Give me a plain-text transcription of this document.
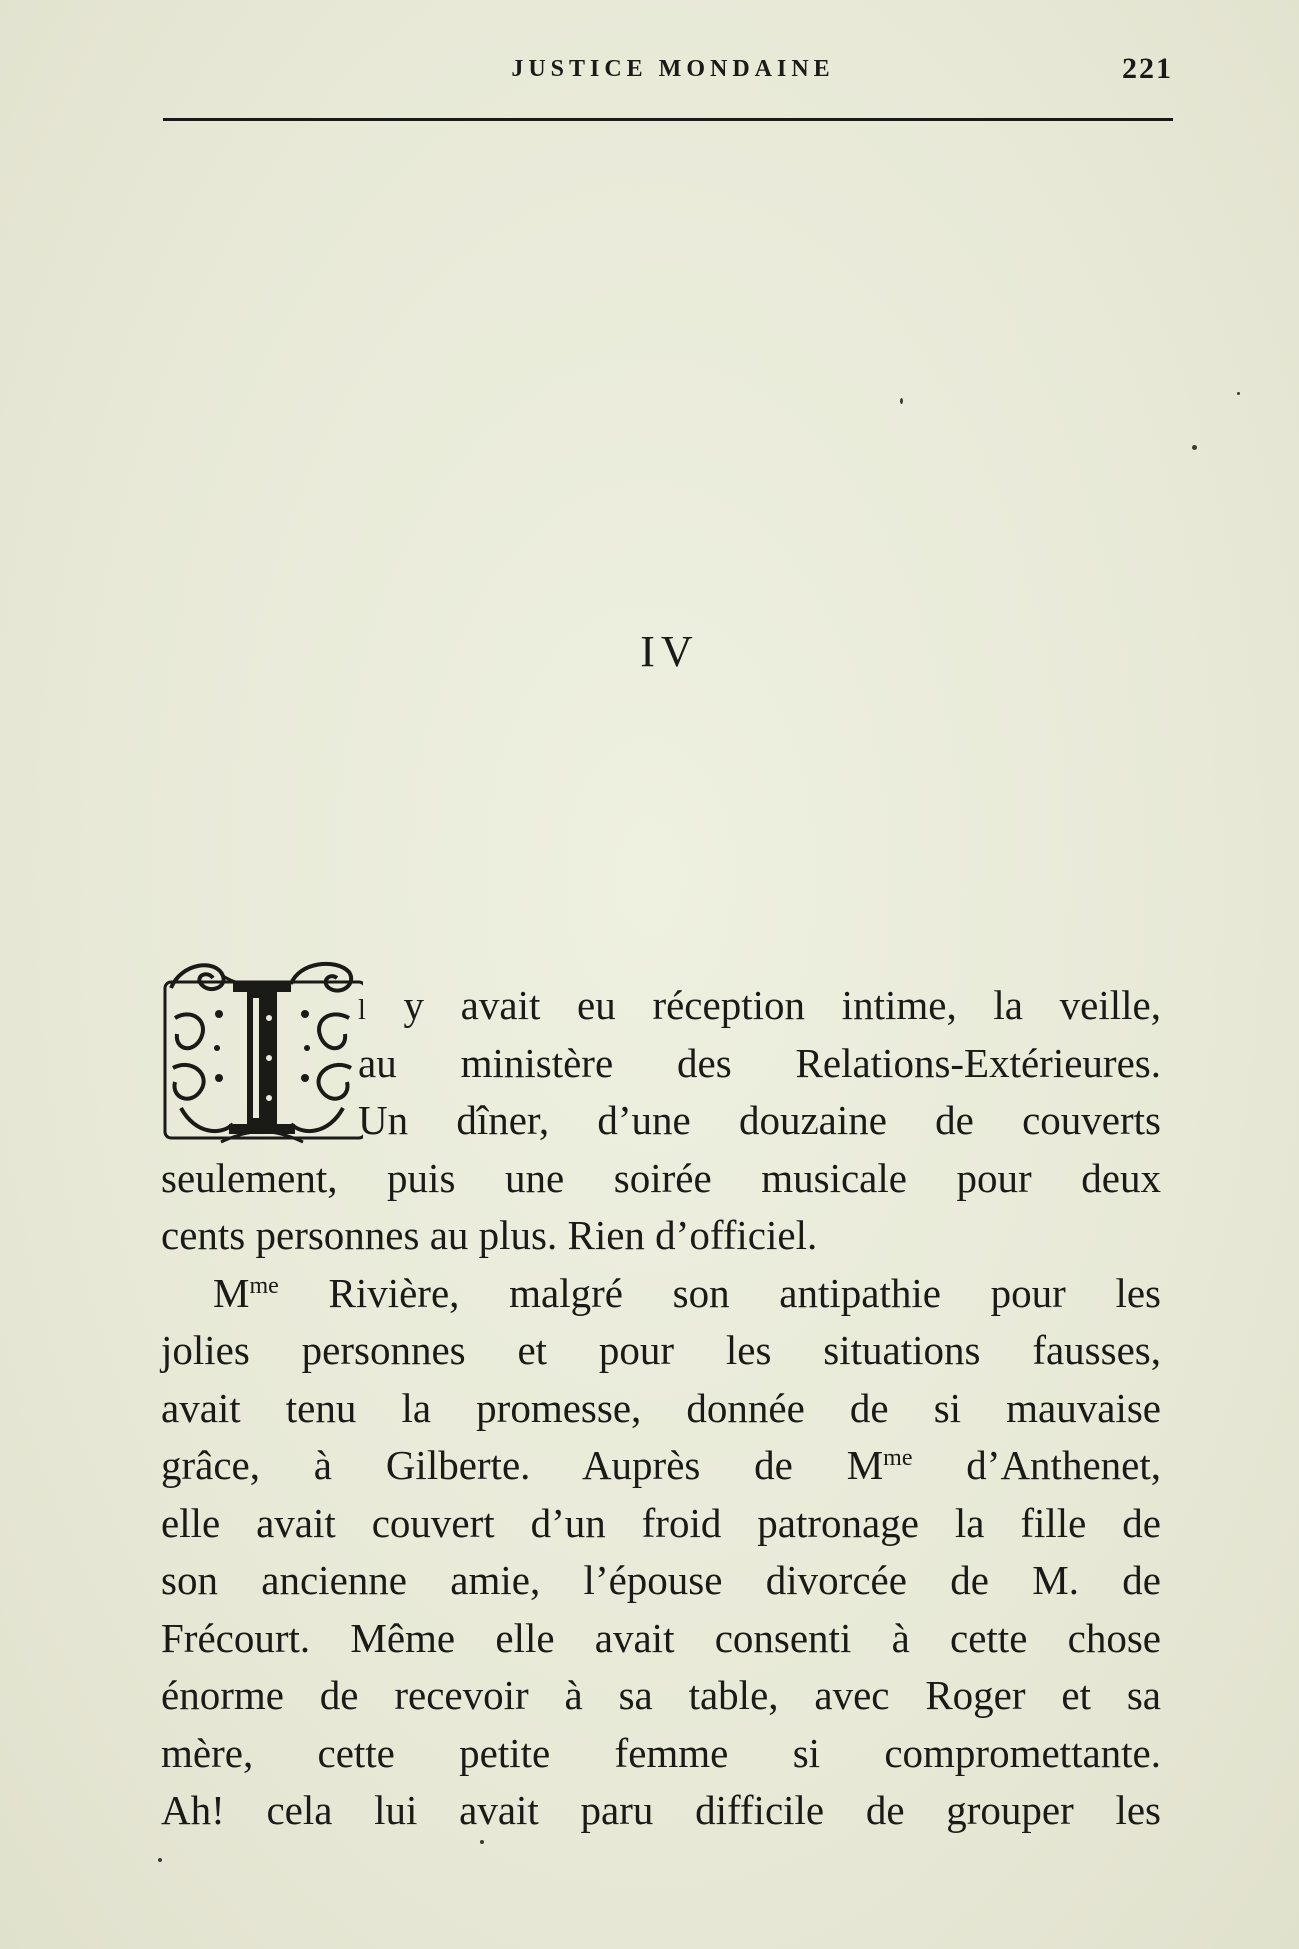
JUSTICE MONDAINE	221
IV
l y avait eu réception intime, la veille,
au ministère des Relations-Extérieures.
Un dîner, d’une douzaine de couverts
seulement, puis une soirée musicale pour deux
cents personnes au plus. Rien d’officiel.
$M^{me}$ Rivière, malgré son antipathie pour les
jolies personnes et pour les situations fausses,
avait tenu la promesse, donnée de si mauvaise
grâce, à Gilberte. Auprès de $M^{me}$ d’Anthenet,
elle avait couvert d’un froid patronage la fille de
son ancienne amie, l’épouse divorcée de M. de
Frécourt. Même elle avait consenti à cette chose
énorme de recevoir à sa table, avec Roger et sa
mère, cette petite femme si compromettante.
Ah! cela lui avait paru difficile de grouper les
